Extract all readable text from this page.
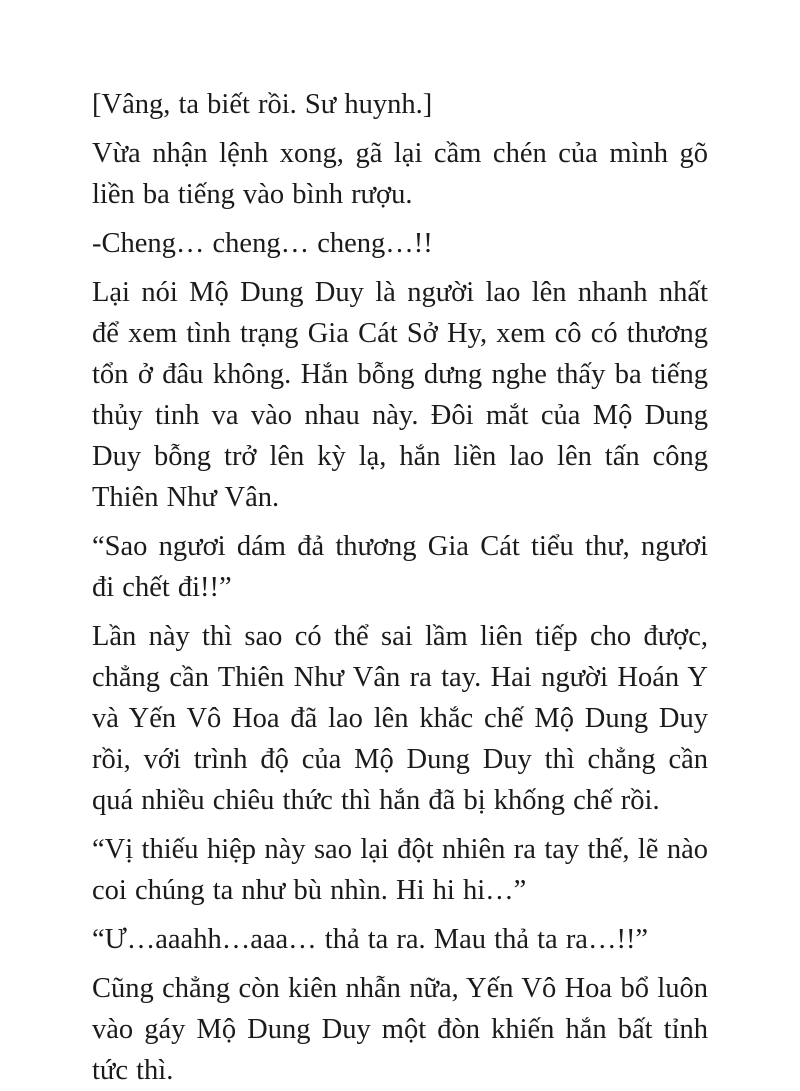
[Vâng, ta biết rồi. Sư huynh.]

Vừa nhận lệnh xong, gã lại cầm chén của mình gõ liền ba tiếng vào bình rượu.

-Cheng… cheng… cheng…!!

Lại nói Mộ Dung Duy là người lao lên nhanh nhất để xem tình trạng Gia Cát Sở Hy, xem cô có thương tổn ở đâu không. Hắn bỗng dưng nghe thấy ba tiếng thủy tinh va vào nhau này. Đôi mắt của Mộ Dung Duy bỗng trở lên kỳ lạ, hắn liền lao lên tấn công Thiên Như Vân.

“Sao ngươi dám đả thương Gia Cát tiểu thư, ngươi đi chết đi!!”

Lần này thì sao có thể sai lầm liên tiếp cho được, chẳng cần Thiên Như Vân ra tay. Hai người Hoán Y và Yến Vô Hoa đã lao lên khắc chế Mộ Dung Duy rồi, với trình độ của Mộ Dung Duy thì chẳng cần quá nhiều chiêu thức thì hắn đã bị khống chế rồi.

“Vị thiếu hiệp này sao lại đột nhiên ra tay thế, lẽ nào coi chúng ta như bù nhìn. Hi hi hi…”

“Ư…aaahh…aaa… thả ta ra. Mau thả ta ra…!!”

Cũng chẳng còn kiên nhẫn nữa, Yến Vô Hoa bổ luôn vào gáy Mộ Dung Duy một đòn khiến hắn bất tỉnh tức thì.
